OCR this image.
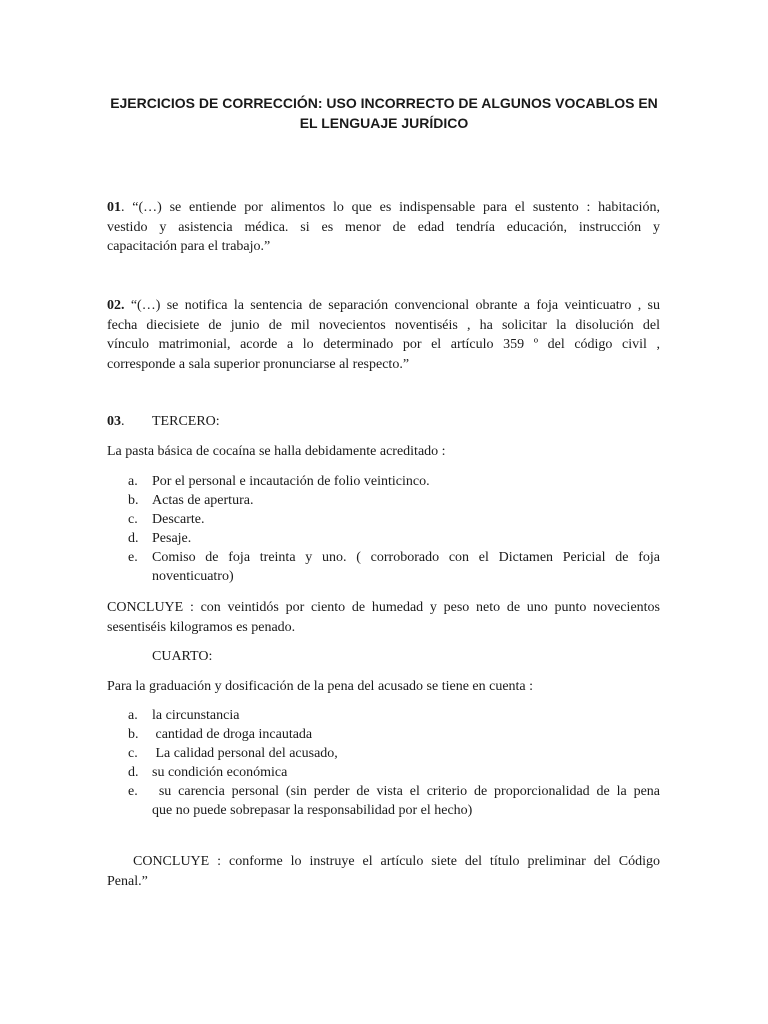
EJERCICIOS DE CORRECCIÓN: USO INCORRECTO DE ALGUNOS VOCABLOS EN
EL LENGUAJE JURÍDICO
01. “(…) se entiende por alimentos lo que es indispensable para el sustento : habitación,
vestido y asistencia médica. si es menor de edad tendría educación, instrucción y
capacitación para el trabajo.”
02. “(…) se notifica la sentencia de separación convencional obrante a foja veinticuatro , su
fecha diecisiete de junio de mil novecientos noventiséis , ha solicitar la disolución del
vínculo matrimonial, acorde a lo determinado por el artículo 359 º del código civil ,
corresponde a sala superior pronunciarse al respecto.”
03. TERCERO:
La pasta básica de cocaína se halla debidamente acreditado :
a. Por el personal e incautación de folio veinticinco.
b. Actas de apertura.
c. Descarte.
d. Pesaje.
e. Comiso de foja treinta y uno. ( corroborado con el Dictamen Pericial de foja
noventicuatro)
CONCLUYE : con veintidós por ciento de humedad y peso neto de uno punto novecientos
sesentiséis kilogramos es penado.
CUARTO:
Para la graduación y dosificación de la pena del acusado se tiene en cuenta :
a. la circunstancia
b. cantidad de droga incautada
c. La calidad personal del acusado,
d. su condición económica
e. su carencia personal (sin perder de vista el criterio de proporcionalidad de la pena
que no puede sobrepasar la responsabilidad por el hecho)
CONCLUYE : conforme lo instruye el artículo siete del título preliminar del Código
Penal.”
